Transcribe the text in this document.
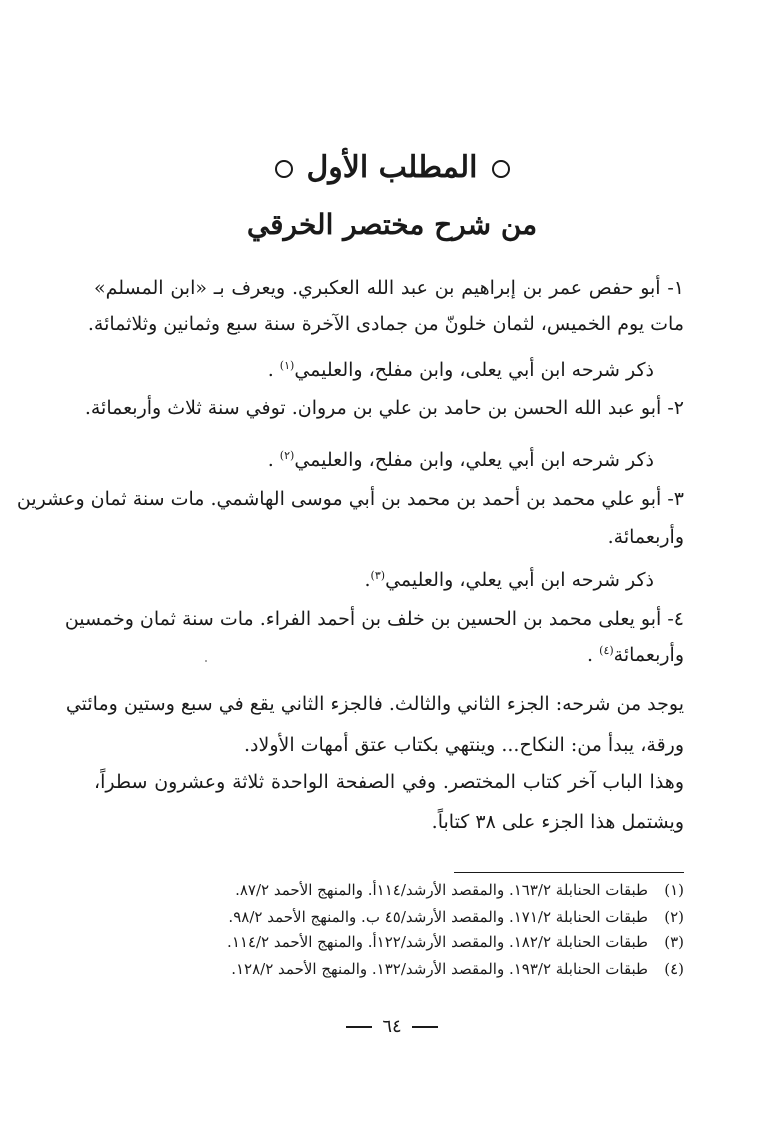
المطلب الأول
من شرح مختصر الخرقي
١- أبو حفص عمر بن إبراهيم بن عبد الله العكبري. ويعرف بـ «ابن المسلم»
مات يوم الخميس، لثمان خلونّ من جمادى الآخرة سنة سبع وثمانين وثلاثمائة.
ذكر شرحه ابن أبي يعلى، وابن مفلح، والعليمي$^{(١)}$ .
٢- أبو عبد الله الحسن بن حامد بن علي بن مروان. توفي سنة ثلاث وأربعمائة.
ذكر شرحه ابن أبي يعلي، وابن مفلح، والعليمي$^{(٢)}$ .
٣- أبو علي محمد بن أحمد بن محمد بن أبي موسى الهاشمي. مات سنة ثمان وعشرين
وأربعمائة.
ذكر شرحه ابن أبي يعلي، والعليمي$^{(٣)}$.
٤- أبو يعلى محمد بن الحسين بن خلف بن أحمد الفراء. مات سنة ثمان وخمسين
وأربعمائة$^{(٤)}$ .
يوجد من شرحه: الجزء الثاني والثالث. فالجزء الثاني يقع في سبع وستين ومائتي
ورقة، يبدأ من: النكاح... وينتهي بكتاب عتق أمهات الأولاد.
وهذا الباب آخر كتاب المختصر. وفي الصفحة الواحدة ثلاثة وعشرون سطراً،
ويشتمل هذا الجزء على ٣٨ كتاباً.
(١)طبقات الحنابلة ١٦٣/٢. والمقصد الأرشد/١١٤أ. والمنهج الأحمد ٨٧/٢.
(٢)طبقات الحنابلة ١٧١/٢. والمقصد الأرشد/٤٥ ب. والمنهج الأحمد ٩٨/٢.
(٣)طبقات الحنابلة ١٨٢/٢. والمقصد الأرشد/١٢٢أ. والمنهج الأحمد ١١٤/٢.
(٤)طبقات الحنابلة ١٩٣/٢. والمقصد الأرشد/١٣٢. والمنهج الأحمد ١٢٨/٢.
٦٤
